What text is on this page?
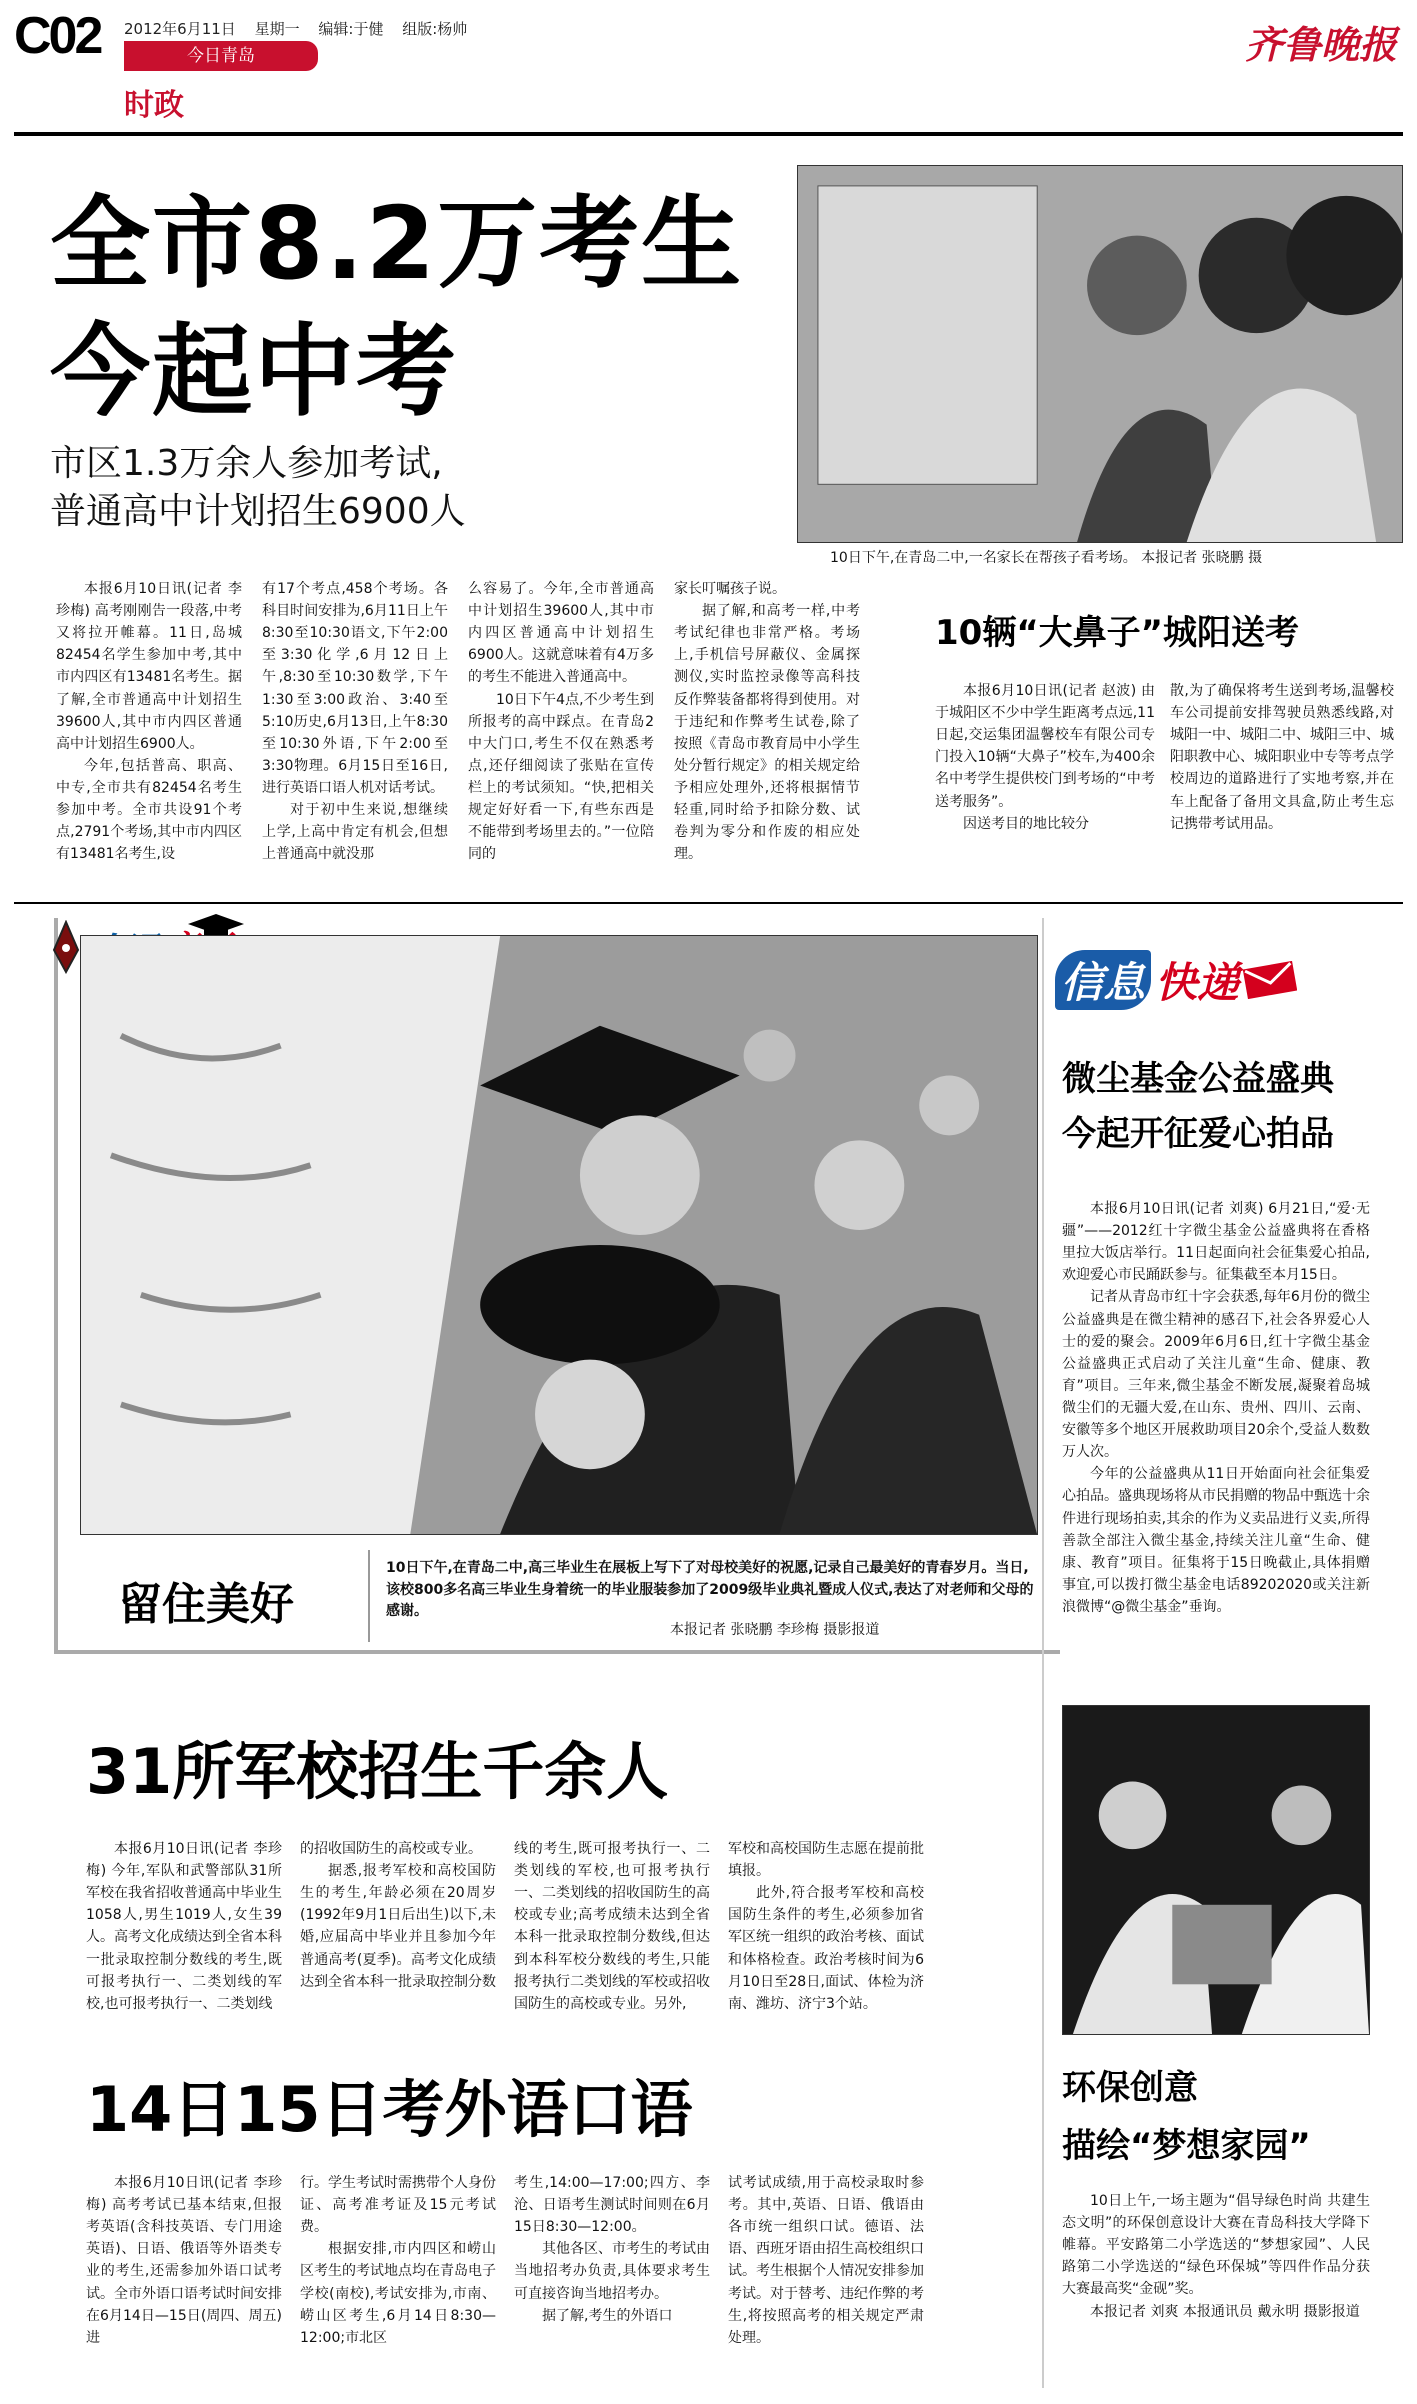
C02 2012年6月11日 星期一 编辑:于健 组版:杨帅
今日青岛
时政
齐鲁晚报
全市8.2万考生
今起中考
市区1.3万余人参加考试,
普通高中计划招生6900人
10日下午,在青岛二中,一名家长在帮孩子看考场。 本报记者 张晓鹏 摄

本报6月10日讯(记者 李珍梅) 高考刚刚告一段落,中考又将拉开帷幕。11日,岛城82454名学生参加中考,其中市内四区有13481名考生。据了解,全市普通高中计划招生39600人,其中市内四区普通高中计划招生6900人。

今年,包括普高、职高、中专,全市共有82454名考生参加中考。全市共设91个考点,2791个考场,其中市内四区有13481名考生,设

有17个考点,458个考场。各科目时间安排为,6月11日上午8:30至10:30语文,下午2:00至3:30化学,6月12日上午,8:30至10:30数学,下午1:30至3:00政治、3:40至5:10历史,6月13日,上午8:30至10:30外语,下午2:00至3:30物理。6月15日至16日,进行英语口语人机对话考试。

对于初中生来说,想继续上学,上高中肯定有机会,但想上普通高中就没那

么容易了。今年,全市普通高中计划招生39600人,其中市内四区普通高中计划招生6900人。这就意味着有4万多的考生不能进入普通高中。

10日下午4点,不少考生到所报考的高中踩点。在青岛2中大门口,考生不仅在熟悉考点,还仔细阅读了张贴在宣传栏上的考试须知。“快,把相关规定好好看一下,有些东西是不能带到考场里去的。”一位陪同的

家长叮嘱孩子说。

据了解,和高考一样,中考考试纪律也非常严格。考场上,手机信号屏蔽仪、金属探测仪,实时监控录像等高科技反作弊装备都将得到使用。对于违纪和作弊考生试卷,除了按照《青岛市教育局中小学生处分暂行规定》的相关规定给予相应处理外,还将根据情节轻重,同时给予扣除分数、试卷判为零分和作废的相应处理。

10辆“大鼻子”城阳送考

本报6月10日讯(记者 赵波) 由于城阳区不少中学生距离考点远,11日起,交运集团温馨校车有限公司专门投入10辆“大鼻子”校车,为400余名中考学生提供校门到考场的“中考送考服务”。

因送考目的地比较分

散,为了确保将考生送到考场,温馨校车公司提前安排驾驶员熟悉线路,对城阳一中、城阳二中、城阳三中、城阳职教中心、城阳职业中专等考点学校周边的道路进行了实地考察,并在车上配备了备用文具盒,防止考生忘记携带考试用品。

留住美好
10日下午,在青岛二中,高三毕业生在展板上写下了对母校美好的祝愿,记录自己最美好的青春岁月。当日,该校800多名高三毕业生身着统一的毕业服装参加了2009级毕业典礼暨成人仪式,表达了对老师和父母的感谢。
本报记者 张晓鹏 李珍梅 摄影报道
31所军校招生千余人

本报6月10日讯(记者 李珍梅) 今年,军队和武警部队31所军校在我省招收普通高中毕业生1058人,男生1019人,女生39人。高考文化成绩达到全省本科一批录取控制分数线的考生,既可报考执行一、二类划线的军校,也可报考执行一、二类划线

的招收国防生的高校或专业。

据悉,报考军校和高校国防生的考生,年龄必须在20周岁(1992年9月1日后出生)以下,未婚,应届高中毕业并且参加今年普通高考(夏季)。高考文化成绩达到全省本科一批录取控制分数

线的考生,既可报考执行一、二类划线的军校,也可报考执行一、二类划线的招收国防生的高校或专业;高考成绩未达到全省本科一批录取控制分数线,但达到本科军校分数线的考生,只能报考执行二类划线的军校或招收国防生的高校或专业。另外,

军校和高校国防生志愿在提前批填报。

此外,符合报考军校和高校国防生条件的考生,必须参加省军区统一组织的政治考核、面试和体格检查。政治考核时间为6月10日至28日,面试、体检为济南、潍坊、济宁3个站。

14日15日考外语口语

本报6月10日讯(记者 李珍梅) 高考考试已基本结束,但报考英语(含科技英语、专门用途英语)、日语、俄语等外语类专业的考生,还需参加外语口试考试。全市外语口语考试时间安排在6月14日—15日(周四、周五)进

行。学生考试时需携带个人身份证、高考准考证及15元考试费。

根据安排,市内四区和崂山区考生的考试地点均在青岛电子学校(南校),考试安排为,市南、崂山区考生,6月14日8:30—12:00;市北区

考生,14:00—17:00;四方、李沧、日语考生测试时间则在6月15日8:30—12:00。

其他各区、市考生的考试由当地招考办负责,具体要求考生可直接咨询当地招考办。

据了解,考生的外语口

试考试成绩,用于高校录取时参考。其中,英语、日语、俄语由各市统一组织口试。德语、法语、西班牙语由招生高校组织口试。考生根据个人情况安排参加考试。对于替考、违纪作弊的考生,将按照高考的相关规定严肃处理。

信息 快递
微尘基金公益盛典
今起开征爱心拍品

本报6月10日讯(记者 刘爽) 6月21日,“爱·无疆”——2012红十字微尘基金公益盛典将在香格里拉大饭店举行。11日起面向社会征集爱心拍品,欢迎爱心市民踊跃参与。征集截至本月15日。

记者从青岛市红十字会获悉,每年6月份的微尘公益盛典是在微尘精神的感召下,社会各界爱心人士的爱的聚会。2009年6月6日,红十字微尘基金公益盛典正式启动了关注儿童“生命、健康、教育”项目。三年来,微尘基金不断发展,凝聚着岛城微尘们的无疆大爱,在山东、贵州、四川、云南、安徽等多个地区开展救助项目20余个,受益人数数万人次。

今年的公益盛典从11日开始面向社会征集爱心拍品。盛典现场将从市民捐赠的物品中甄选十余件进行现场拍卖,其余的作为义卖品进行义卖,所得善款全部注入微尘基金,持续关注儿童“生命、健康、教育”项目。征集将于15日晚截止,具体捐赠事宜,可以拨打微尘基金电话89202020或关注新浪微博“@微尘基金”垂询。

环保创意
描绘“梦想家园”

10日上午,一场主题为“倡导绿色时尚 共建生态文明”的环保创意设计大赛在青岛科技大学降下帷幕。平安路第二小学选送的“梦想家园”、人民路第二小学选送的“绿色环保城”等四件作品分获大赛最高奖“金砚”奖。

本报记者 刘爽 本报通讯员 戴永明 摄影报道
